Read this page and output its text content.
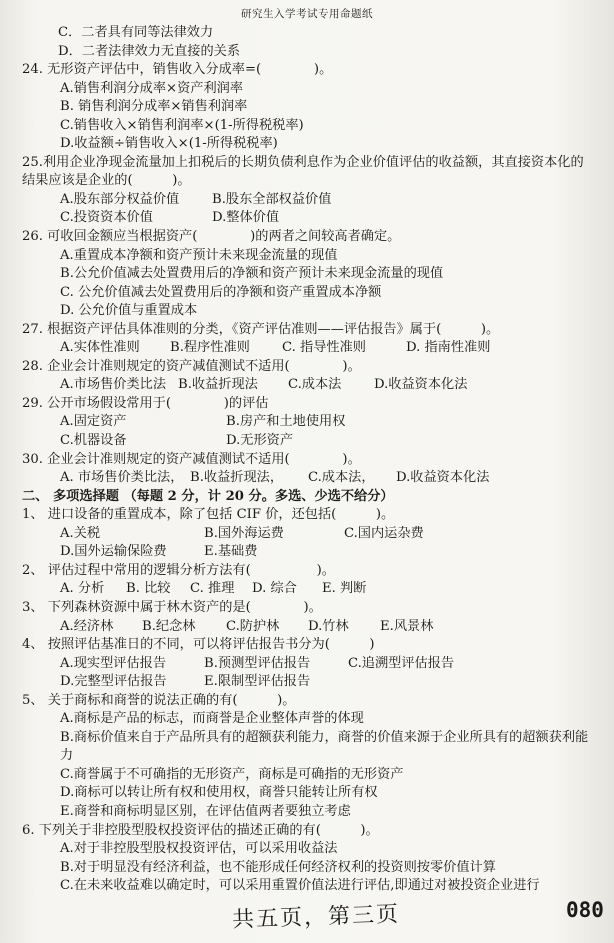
研究生入学考试专用命题纸
C．二者具有同等法律效力
D．二者法律效力无直接的关系
24. 无形资产评估中，销售收入分成率=(　　　　)。
A.销售利润分成率×资产利润率
B. 销售利润分成率×销售利润率
C.销售收入×销售利润率×(1-所得税税率)
D.收益额÷销售收入×(1-所得税税率)
25.利用企业净现金流量加上扣税后的长期负债利息作为企业价值评估的收益额，其直接资本化的结果应该是企业的(　　　)。
A.股东部分权益价值	B.股东全部权益价值
C.投资资本价值	D.整体价值
26. 可收回金额应当根据资产(　　　　)的两者之间较高者确定。
A.重置成本净额和资产预计未来现金流量的现值
B.公允价值减去处置费用后的净额和资产预计未来现金流量的现值
C. 公允价值减去处置费用后的净额和资产重置成本净额
D. 公允价值与重置成本
27. 根据资产评估具体准则的分类，《资产评估准则——评估报告》属于(　　　)。
A.实体性准则	B.程序性准则	C. 指导性准则	D. 指南性准则
28. 企业会计准则规定的资产减值测试不适用(　　　　)。
A.市场售价类比法 B.收益折现法	C.成本法	D.收益资本化法
29. 公开市场假设常用于(　　　　)的评估
A.固定资产	B.房产和土地使用权
C.机器设备	D.无形资产
30. 企业会计准则规定的资产减值测试不适用(　　　　)。
A. 市场售价类比法， B.收益折现法，	C.成本法，	D.收益资本化法
二、 多项选择题 （每题 2 分，计 20 分。多选、少选不给分）
1、 进口设备的重置成本，除了包括 CIF 价，还包括(　　　)。
A.关税	B.国外海运费	C.国内运杂费
D.国外运输保险费	E.基础费
2、 评估过程中常用的逻辑分析方法有(　　　　　)。
A. 分析	B. 比较	C. 推理	D. 综合	E. 判断
3、 下列森林资源中属于林木资产的是(　　　　)。
A.经济林	B.纪念林	C.防护林	D.竹林	E.风景林
4、 按照评估基准日的不同，可以将评估报告书分为(　　　)
A.现实型评估报告	B.预测型评估报告	C.追溯型评估报告
D.完整型评估报告	E.限制型评估报告
5、 关于商标和商誉的说法正确的有(　　　)。
A.商标是产品的标志，而商誉是企业整体声誉的体现
B.商标价值来自于产品所具有的超额获利能力，商誉的价值来源于企业所具有的超额获利能力
C.商誉属于不可确指的无形资产，商标是可确指的无形资产
D.商标可以转让所有权和使用权，商誉只能转让所有权
E.商誉和商标明显区别，在评估值两者要独立考虑
6. 下列关于非控股型股权投资评估的描述正确的有(　　　)。
A.对于非控股型股权投资评估，可以采用收益法
B.对于明显没有经济利益，也不能形成任何经济权利的投资则按零价值计算
C.在未来收益难以确定时，可以采用重置价值法进行评估,即通过对被投资企业进行
共五页，第三页	080
